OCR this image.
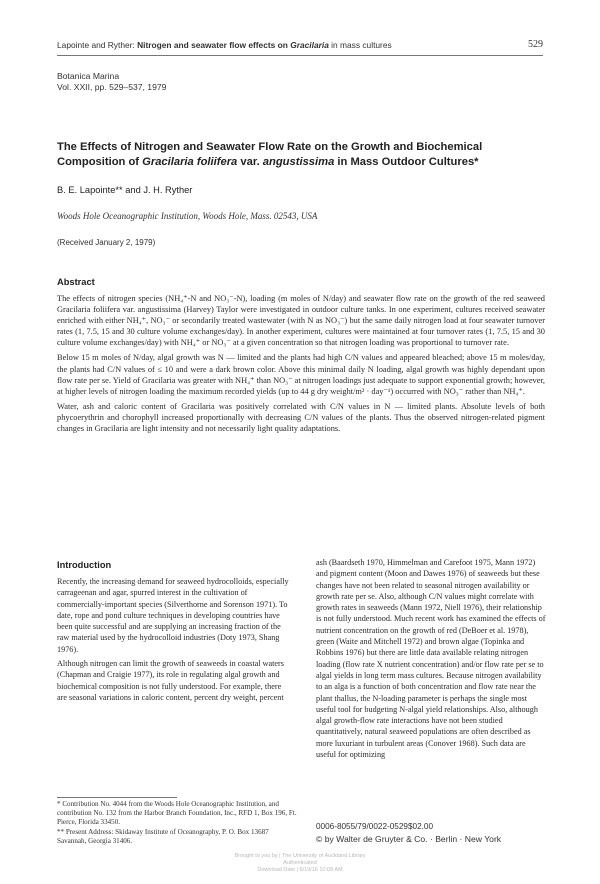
Lapointe and Ryther: Nitrogen and seawater flow effects on Gracilaria in mass cultures	529
Botanica Marina
Vol. XXII, pp. 529–537, 1979
The Effects of Nitrogen and Seawater Flow Rate on the Growth and Biochemical Composition of Gracilaria foliifera var. angustissima in Mass Outdoor Cultures*
B. E. Lapointe** and J. H. Ryther
Woods Hole Oceanographic Institution, Woods Hole, Mass. 02543, USA
(Received January 2, 1979)
Abstract

The effects of nitrogen species (NH₄⁺-N and NO₃⁻-N), loading (m moles of N/day) and seawater flow rate on the growth of the red seaweed Gracilaria foliifera var. angustissima (Harvey) Taylor were investigated in outdoor culture tanks. In one experiment, cultures received seawater enriched with either NH₄⁺, NO₃⁻ or secondarily treated wastewater (with N as NO₃⁻) but the same daily nitrogen load at four seawater turnover rates (1, 7.5, 15 and 30 culture volume exchanges/day). In another experiment, cultures were maintained at four turnover rates (1, 7.5, 15 and 30 culture volume exchanges/day) with NH₄⁺ or NO₃⁻ at a given concentration so that nitrogen loading was proportional to turnover rate.

Below 15 m moles of N/day, algal growth was N — limited and the plants had high C/N values and appeared bleached; above 15 m moles/day, the plants had C/N values of ≤ 10 and were a dark brown color. Above this minimal daily N loading, algal growth was highly dependant upon flow rate per se. Yield of Gracilaria was greater with NH₄⁺ than NO₃⁻ at nitrogen loadings just adequate to support exponential growth; however, at higher levels of nitrogen loading the maximum recorded yields (up to 44 g dry weight/m² · day⁻¹) occurred with NO₃⁻ rather than NH₄⁺.

Water, ash and caloric content of Gracilaria was positively correlated with C/N values in N — limited plants. Absolute levels of both phycoerythrin and chorophyll increased proportionally with decreasing C/N values of the plants. Thus the observed nitrogen-related pigment changes in Gracilaria are light intensity and not necessarily light quality adaptations.

Introduction

Recently, the increasing demand for seaweed hydrocolloids, especially carrageenan and agar, spurred interest in the cultivation of commercially-important species (Silverthorne and Sorenson 1971). To date, rope and pond culture techniques in developing countries have been quite successful and are supplying an increasing fraction of the raw material used by the hydrocolloid industries (Doty 1973, Shang 1976).

Although nitrogen can limit the growth of seaweeds in coastal waters (Chapman and Craigie 1977), its role in regulating algal growth and biochemical composition is not fully understood. For example, there are seasonal variations in caloric content, percent dry weight, percent

ash (Baardseth 1970, Himmelman and Carefoot 1975, Mann 1972) and pigment content (Moon and Dawes 1976) of seaweeds but these changes have not been related to seasonal nitrogen availability or growth rate per se. Also, although C/N values might correlate with growth rates in seaweeds (Mann 1972, Niell 1976), their relationship is not fully understood. Much recent work has examined the effects of nutrient concentration on the growth of red (DeBoer et al. 1978), green (Waite and Mitchell 1972) and brown algae (Topinka and Robbins 1976) but there are little data available relating nitrogen loading (flow rate X nutrient concentration) and/or flow rate per se to algal yields in long term mass cultures. Because nitrogen availability to an alga is a function of both concentration and flow rate near the plant thallus, the N-loading parameter is perhaps the single most useful tool for budgeting N-algal yield relationships. Also, although algal growth-flow rate interactions have not been studied quantitatively, natural seaweed populations are often described as more luxuriant in turbulent areas (Conover 1968). Such data are useful for optimizing

* Contribution No. 4044 from the Woods Hole Oceanographic Institution, and contribution No. 132 from the Harbor Branch Foundation, Inc., RFD 1, Box 196, Ft. Pierce, Florida 33450.

** Present Address: Skidaway Institute of Oceanography, P. O. Box 13687 Savannah, Georgia 31406.

0006-8055/79/0022-0529$02.00
© by Walter de Gruyter & Co. · Berlin · New York
Brought to you by | The University of Auckland Library
Authenticated
Download Date | 6/19/16 10:08 AM
